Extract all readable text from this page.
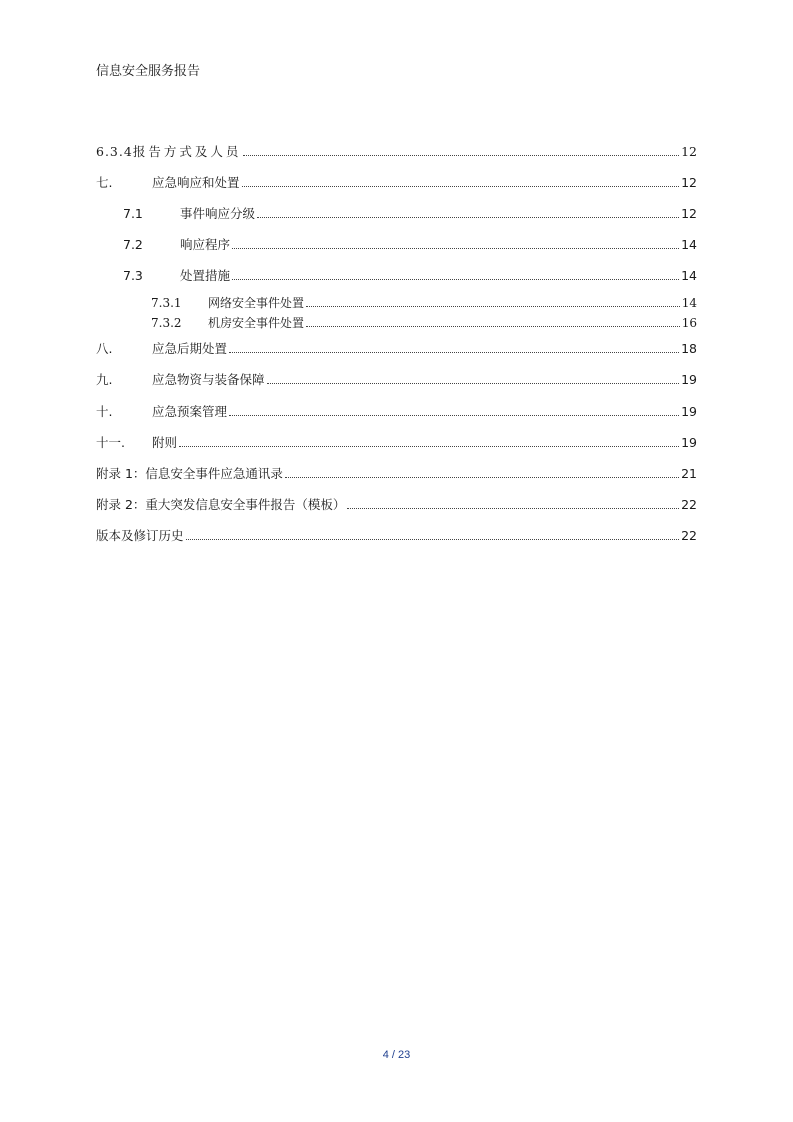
信息安全服务报告
6.3.4 报告方式及人员	12
七.	应急响应和处置	12
7.1	事件响应分级	12
7.2	响应程序	14
7.3	处置措施	14
7.3.1	网络安全事件处置	14
7.3.2	机房安全事件处置	16
八.	应急后期处置	18
九.	应急物资与装备保障	19
十.	应急预案管理	19
十一.	附则	19
附录 1：信息安全事件应急通讯录	21
附录 2：重大突发信息安全事件报告（模板）	22
版本及修订历史	22
4 / 23
